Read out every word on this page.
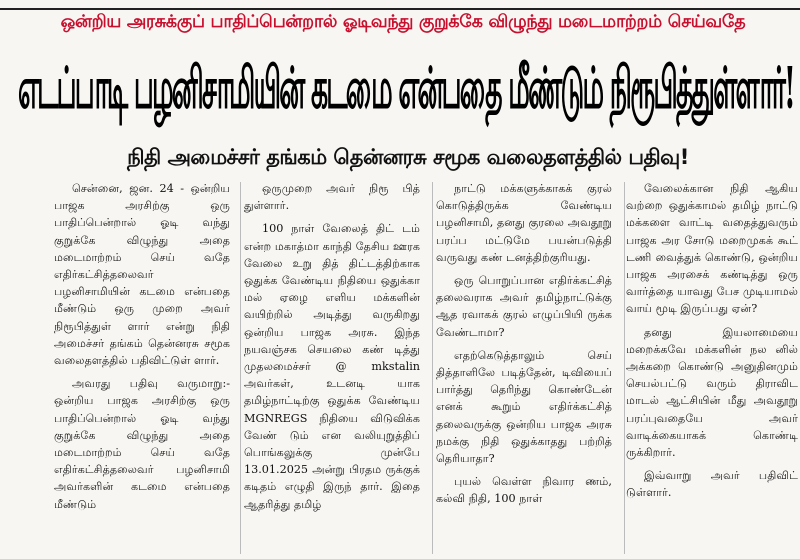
ஒன்றிய அரசுக்குப் பாதிப்பென்றால் ஓடிவந்து குறுக்கே விழுந்து மடைமாற்றம் செய்வதே
எடப்பாடி பழனிசாமியின் கடமை என்பதை மீண்டும் நிரூபித்துள்ளார்!
நிதி அமைச்சர் தங்கம் தென்னரசு சமூக வலைதளத்தில் பதிவு!

சென்னை, ஜன. 24 - ஒன்றிய பாஜக அரசிற்கு ஒரு பாதிப்பென்றால் ஓடி வந்து குறுக்கே விழுந்து அதை மடைமாற்றம் செய் வதே எதிர்கட்சித்தலைவர் பழனிசாமியின் கடமை என்பதை மீண்டும் ஒரு முறை அவர் நிரூபித்துள் ளார் என்று நிதி அமைச்சர் தங்கம் தென்னரசு சமூக வலைதளத்தில் பதிவிட்டுள் ளார்.

அவரது பதிவு வருமாறு:- ஒன்றிய பாஜக அரசிற்கு ஒரு பாதிப்பென்றால் ஓடி வந்து குறுக்கே விழுந்து அதை மடைமாற்றம் செய் வதே எதிர்கட்சித்தலைவர் பழனிசாமி அவர்களின் கடமை என்பதை மீண்டும்

ஒருமுறை அவர் நிரூ பித் துள்ளார்.

100 நாள் வேலைத் திட் டம் என்ற மகாத்மா காந்தி தேசிய ஊரக வேலை உறு தித் திட்டத்திற்காக ஒதுக்க வேண்டிய நிதியை ஒதுக்கா மல் ஏழை எளிய மக்களின் வயிற்றில் அடித்து வருகிறது ஒன்றிய பாஜக அரசு. இந்த நயவஞ்சக செயலை கண் டித்து முதலமைச்சர் @ mkstalin அவர்கள், உடனடி யாக தமிழ்நாட்டிற்கு ஒதுக்க வேண்டிய MGNREGS நிதியை விடுவிக்க வேண் டும் என வலியுறுத்திப் பொங்கலுக்கு முன்பே 13.01.2025 அன்று பிரதம ருக்குக் கடிதம் எழுதி இருந் தார். இதை ஆதரித்து தமிழ்

நாட்டு மக்களுக்காகக் குரல் கொடுத்திருக்க வேண்டிய பழனிசாமி, தனது குரலை அவதூறு பரப்ப மட்டுமே பயன்படுத்தி வருவது கண் டனத்திற்குரியது.

ஒரு பொறுப்பான எதிர்க்கட்சித் தலைவராக அவர் தமிழ்நாட்டுக்கு ஆத ரவாகக் குரல் எழுப்பியி ருக்க வேண்டாமா?

எதற்கெடுத்தாலும் செய் தித்தாளிலே படித்தேன், டிவியைப் பார்த்து தெரிந்து கொண்டேன் எனக் கூறும் எதிர்க்கட்சித் தலைவருக்கு ஒன்றிய பாஜக அரசு நமக்கு நிதி ஒதுக்காதது பற்றித் தெரியாதா?

புயல் வெள்ள நிவார ணம், கல்வி நிதி, 100 நாள்

வேலைக்கான நிதி ஆகிய வற்றை ஒதுக்காமல் தமிழ் நாட்டு மக்களை வாட்டி வதைத்துவரும் பாஜக அர சோடு மறைமுகக் கூட் டணி வைத்துக் கொண்டு, ஒன்றிய பாஜக அரசைக் கண்டித்து ஒரு வார்த்தை யாவது பேச முடியாமல் வாய் மூடி இருப்பது ஏன்?

தனது இயலாமையை மறைக்கவே மக்களின் நல னில் அக்கறை கொண்டு அனுதினமும் செயல்பட்டு வரும் திராவிட மாடல் ஆட்சியின் மீது அவதூறு பரப்புவதையே அவர் வாடிக்கையாகக் கொண்டி ருக்கிறார்.

இவ்வாறு அவர் பதிவிட் டுள்ளார்.
